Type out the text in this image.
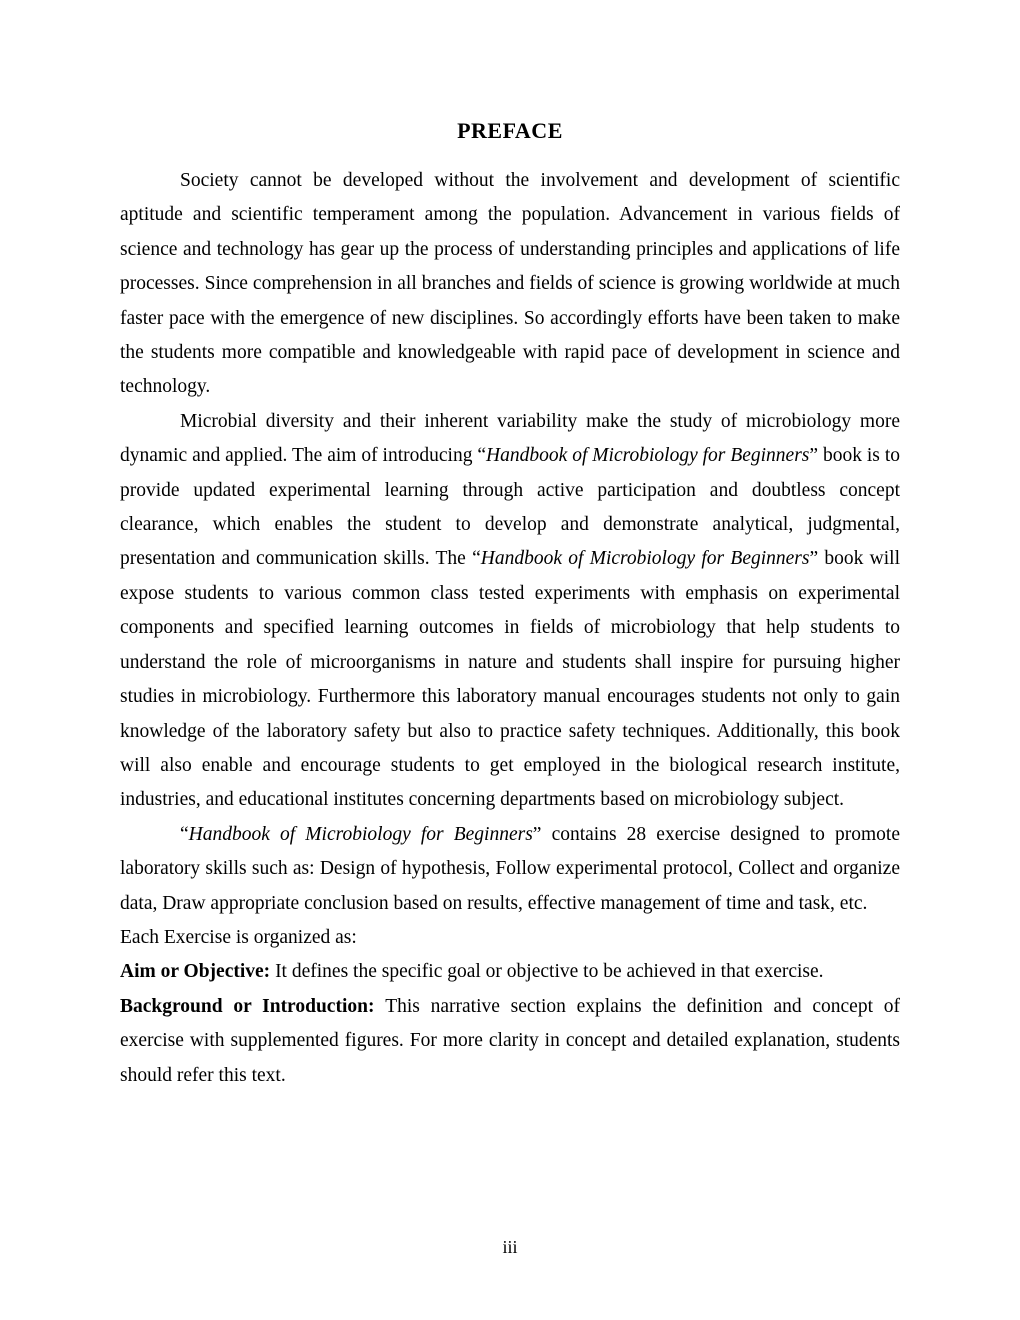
PREFACE

Society cannot be developed without the involvement and development of scientific aptitude and scientific temperament among the population. Advancement in various fields of science and technology has gear up the process of understanding principles and applications of life processes. Since comprehension in all branches and fields of science is growing worldwide at much faster pace with the emergence of new disciplines. So accordingly efforts have been taken to make the students more compatible and knowledgeable with rapid pace of development in science and technology.

Microbial diversity and their inherent variability make the study of microbiology more dynamic and applied. The aim of introducing “Handbook of Microbiology for Beginners” book is to provide updated experimental learning through active participation and doubtless concept clearance, which enables the student to develop and demonstrate analytical, judgmental, presentation and communication skills. The “Handbook of Microbiology for Beginners” book will expose students to various common class tested experiments with emphasis on experimental components and specified learning outcomes in fields of microbiology that help students to understand the role of microorganisms in nature and students shall inspire for pursuing higher studies in microbiology. Furthermore this laboratory manual encourages students not only to gain knowledge of the laboratory safety but also to practice safety techniques. Additionally, this book will also enable and encourage students to get employed in the biological research institute, industries, and educational institutes concerning departments based on microbiology subject.

“Handbook of Microbiology for Beginners” contains 28 exercise designed to promote laboratory skills such as: Design of hypothesis, Follow experimental protocol, Collect and organize data, Draw appropriate conclusion based on results, effective management of time and task, etc.

Each Exercise is organized as:

Aim or Objective: It defines the specific goal or objective to be achieved in that exercise.

Background or Introduction: This narrative section explains the definition and concept of exercise with supplemented figures. For more clarity in concept and detailed explanation, students should refer this text.

iii
